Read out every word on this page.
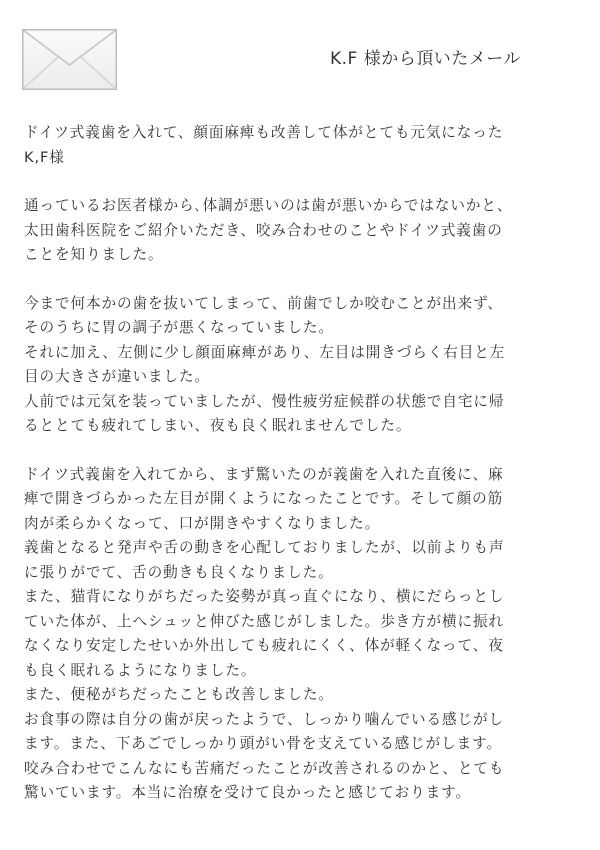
K.F 様から頂いたメール
ドイツ式義歯を入れて、顔面麻痺も改善して体がとても元気になった
K,F様
通っているお医者様から､体調が悪いのは歯が悪いからではないかと、
太田歯科医院をご紹介いただき、咬み合わせのことやドイツ式義歯の
ことを知りました。
今まで何本かの歯を抜いてしまって、前歯でしか咬むことが出来ず、
そのうちに胃の調子が悪くなっていました。
それに加え、左側に少し顔面麻痺があり、左目は開きづらく右目と左
目の大きさが違いました。
人前では元気を装っていましたが、慢性疲労症候群の状態で自宅に帰
るととても疲れてしまい、夜も良く眠れませんでした。
ドイツ式義歯を入れてから、まず驚いたのが義歯を入れた直後に、麻
痺で開きづらかった左目が開くようになったことです。そして顔の筋
肉が柔らかくなって、口が開きやすくなりました。
義歯となると発声や舌の動きを心配しておりましたが、以前よりも声
に張りがでて、舌の動きも良くなりました。
また、猫背になりがちだった姿勢が真っ直ぐになり、横にだらっとし
ていた体が、上へシュッと伸びた感じがしました。歩き方が横に振れ
なくなり安定したせいか外出しても疲れにくく、体が軽くなって、夜
も良く眠れるようになりました。
また、便秘がちだったことも改善しました。
お食事の際は自分の歯が戻ったようで、しっかり噛んでいる感じがし
ます。また、下あごでしっかり頭がい骨を支えている感じがします。
咬み合わせでこんなにも苦痛だったことが改善されるのかと、とても
驚いています。本当に治療を受けて良かったと感じております。
